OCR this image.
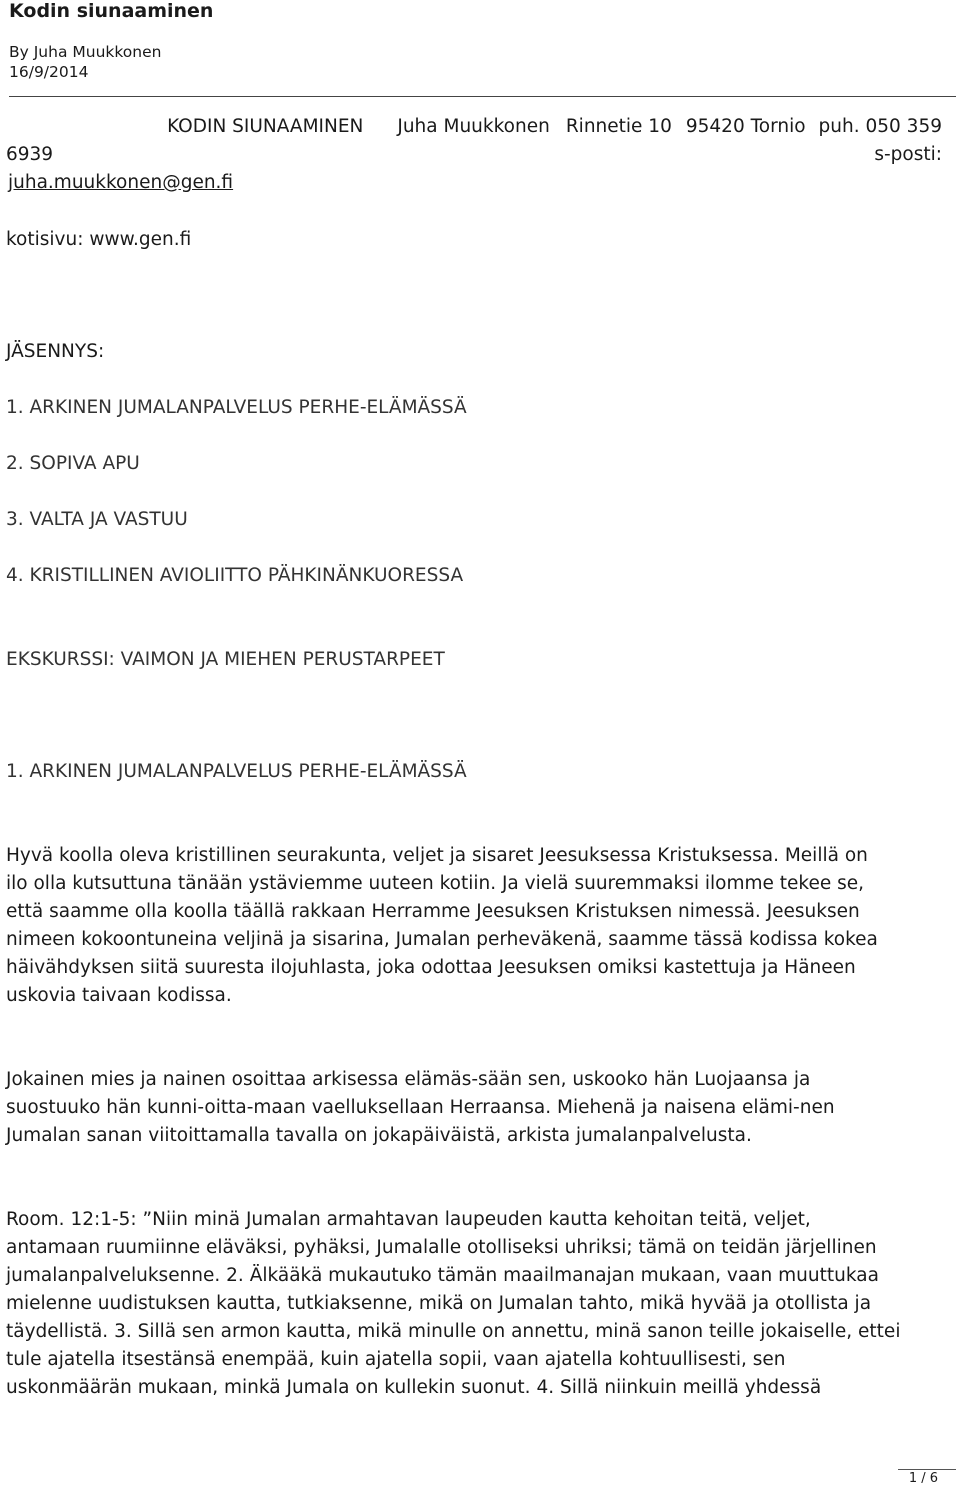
Kodin siunaaminen
By Juha Muukkonen
16/9/2014
KODIN SIUNAAMINEN Juha Muukkonen Rinnetie 10 95420 Tornio puh. 050 359
6939	s-posti:
juha.muukkonen@gen.fi
kotisivu: www.gen.fi
JÄSENNYS:
1. ARKINEN JUMALANPALVELUS PERHE-ELÄMÄSSÄ
2. SOPIVA APU
3. VALTA JA VASTUU
4. KRISTILLINEN AVIOLIITTO PÄHKINÄNKUORESSA
EKSKURSSI: VAIMON JA MIEHEN PERUSTARPEET
1. ARKINEN JUMALANPALVELUS PERHE-ELÄMÄSSÄ
Hyvä koolla oleva kristillinen seurakunta, veljet ja sisaret Jeesuksessa Kristuksessa. Meillä on
ilo olla kutsuttuna tänään ystäviemme uuteen kotiin. Ja vielä suuremmaksi ilomme tekee se,
että saamme olla koolla täällä rakkaan Herramme Jeesuksen Kristuksen nimessä. Jeesuksen
nimeen kokoontuneina veljinä ja sisarina, Jumalan perheväkenä, saamme tässä kodissa kokea
häivähdyksen siitä suuresta ilojuhlasta, joka odottaa Jeesuksen omiksi kastettuja ja Häneen
uskovia taivaan kodissa.
Jokainen mies ja nainen osoittaa arkisessa elämäs-sään sen, uskooko hän Luojaansa ja
suostuuko hän kunni-oitta-maan vaelluksellaan Herraansa. Miehenä ja naisena elämi-nen
Jumalan sanan viitoittamalla tavalla on jokapäiväistä, arkista jumalanpalvelusta.
Room. 12:1-5: ”Niin minä Jumalan armahtavan laupeuden kautta kehoitan teitä, veljet,
antamaan ruumiinne eläväksi, pyhäksi, Jumalalle otolliseksi uhriksi; tämä on teidän järjellinen
jumalanpalveluksenne. 2. Älkääkä mukautuko tämän maailmanajan mukaan, vaan muuttukaa
mielenne uudistuksen kautta, tutkiaksenne, mikä on Jumalan tahto, mikä hyvää ja otollista ja
täydellistä. 3. Sillä sen armon kautta, mikä minulle on annettu, minä sanon teille jokaiselle, ettei
tule ajatella itsestänsä enempää, kuin ajatella sopii, vaan ajatella kohtuullisesti, sen
uskonmäärän mukaan, minkä Jumala on kullekin suonut. 4. Sillä niinkuin meillä yhdessä
1 / 6
